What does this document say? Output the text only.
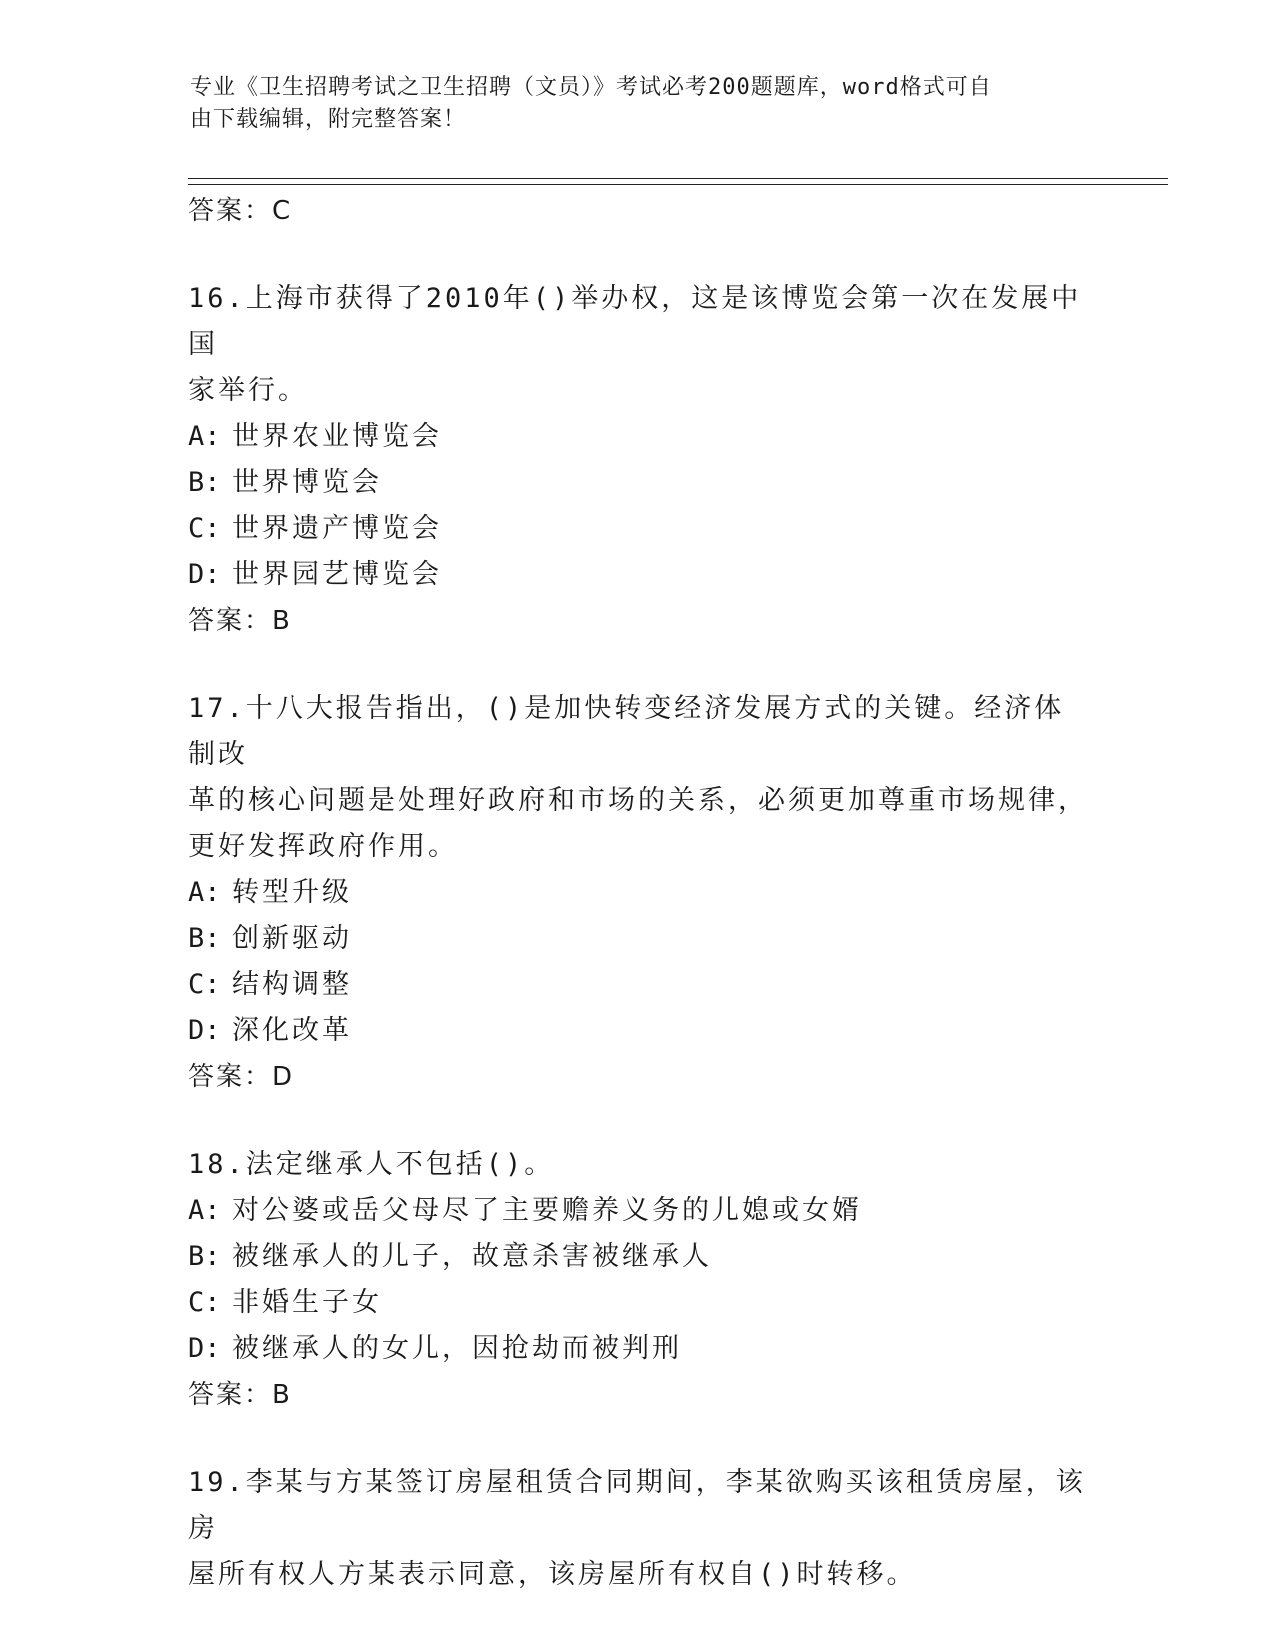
专业《卫生招聘考试之卫生招聘（文员）》考试必考200题题库，word格式可自
由下载编辑，附完整答案！
答案：C
16.上海市获得了2010年()举办权，这是该博览会第一次在发展中国
家举行。
A: 世界农业博览会
B: 世界博览会
C: 世界遗产博览会
D: 世界园艺博览会
答案：B
17.十八大报告指出，()是加快转变经济发展方式的关键。经济体制改
革的核心问题是处理好政府和市场的关系，必须更加尊重市场规律，
更好发挥政府作用。
A: 转型升级
B: 创新驱动
C: 结构调整
D: 深化改革
答案：D
18.法定继承人不包括()。
A: 对公婆或岳父母尽了主要赡养义务的儿媳或女婿
B: 被继承人的儿子，故意杀害被继承人
C: 非婚生子女
D: 被继承人的女儿，因抢劫而被判刑
答案：B
19.李某与方某签订房屋租赁合同期间，李某欲购买该租赁房屋，该房
屋所有权人方某表示同意，该房屋所有权自()时转移。
